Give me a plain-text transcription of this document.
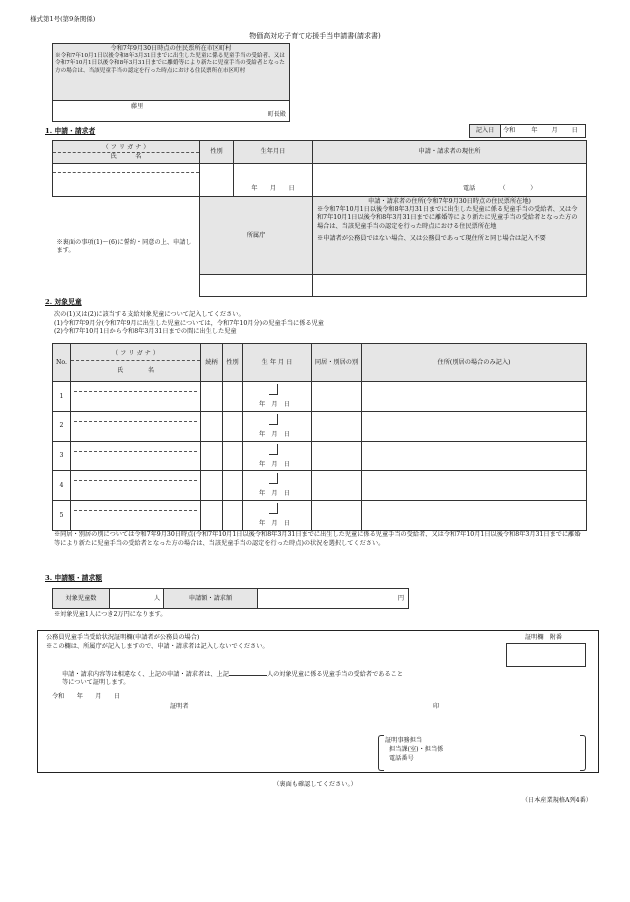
様式第1号(第9条関係)
物価高対応子育て応援手当申請書(請求書)
令和7年9月30日時点の住民票所在市区町村
※令和7年10月1日以後令和8年3月31日までに出生した児童に係る児童手当の受給者、又は令和7年10月1日以後令和8年3月31日までに離婚等により新たに児童手当の受給者となった方の場合は、当該児童手当の認定を行った時点における住民票所在市区町村
藤里
町長殿
1. 申請・請求者	記入日	令和	年 月 日
（ フ リ ガ ナ ）
氏　　　名	性別	生年月日	申請・請求者の現住所

		年　　月　　日	電話 （　　　　）
※裏面の事項(1)～(6)に誓約・同意の上、申請します。	所属庁		申請・請求者の住所(令和7年9月30日時点の住民票所在地)
※令和7年10月1日以後令和8年3月31日までに出生した児童に係る児童手当の受給者、又は令和7年10月1日以後令和8年3月31日までに離婚等により新たに児童手当の受給者となった方の場合は、当該児童手当の認定を行った時点における住民票所在地
※申請者が公務員ではない場合、又は公務員であって現住所と同じ場合は記入不要

2. 対象児童
次の(1)又は(2)に該当する支給対象児童について記入してください。
(1)令和7年9月分(令和7年9月に出生した児童については，令和7年10月分)の児童手当に係る児童
(2)令和7年10月1日から令和8年3月31日までの間に出生した児童
No.	（ フ リ ガ ナ ）
氏　　　　名	続柄	性別	生 年 月 日	同居・別居の別	住所(別居の場合のみ記入)
1				年　月　日		

2				年　月　日		

3				年　月　日		

4				年　月　日		

5				年　月　日		

※同居・別居の別については令和7年9月30日時点(令和7年10月1日以後令和8年3月31日までに出生した児童に係る児童手当の受給者、又は令和7年10月1日以後令和8年3月31日までに離婚等により新たに児童手当の受給者となった方の場合は、当該児童手当の認定を行った時点)の状況を選択してください。
3. 申請額・請求額
対象児童数	人	申請額・請求額	円
※対象児童1人につき2万円になります。
公務員児童手当受給状況証明欄(申請者が公務員の場合)
※この欄は、所属庁が記入しますので、申請・請求者は記入しないでください。
証明欄　附番
申請・請求内容等は相違なく、上記の申請・請求者は、上記	人の対象児童に係る児童手当の受給者であること
等について証明します。
令和　　年　　月　　日
証明者	印
証明事務担当
担当課(室)・担当係
電話番号
（裏面も確認してください。）
（日本産業規格A列4番）
